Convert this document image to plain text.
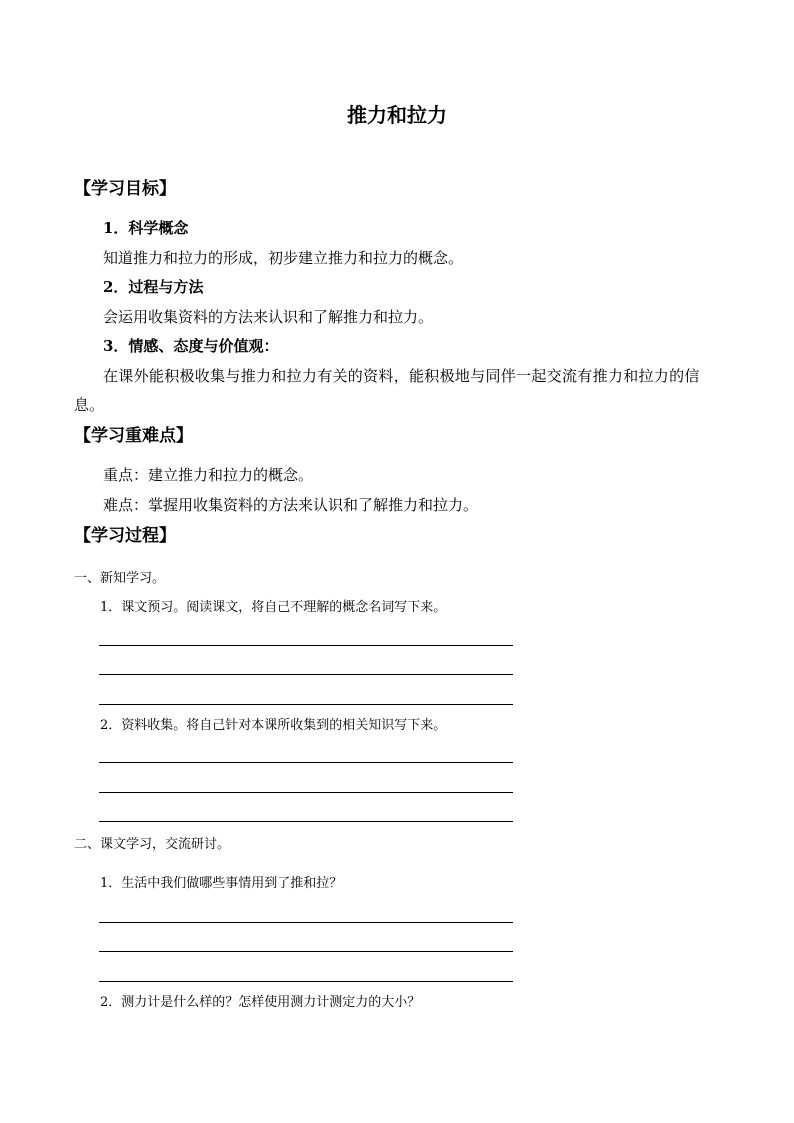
推力和拉力
【学习目标】
1．科学概念
知道推力和拉力的形成，初步建立推力和拉力的概念。
2．过程与方法
会运用收集资料的方法来认识和了解推力和拉力。
3．情感、态度与价值观：
在课外能积极收集与推力和拉力有关的资料，能积极地与同伴一起交流有推力和拉力的信
息。
【学习重难点】
重点：建立推力和拉力的概念。
难点：掌握用收集资料的方法来认识和了解推力和拉力。
【学习过程】
一、新知学习。
1．课文预习。阅读课文，将自己不理解的概念名词写下来。
2．资料收集。将自己针对本课所收集到的相关知识写下来。
二、课文学习，交流研讨。
1．生活中我们做哪些事情用到了推和拉？
2．测力计是什么样的？怎样使用测力计测定力的大小？
